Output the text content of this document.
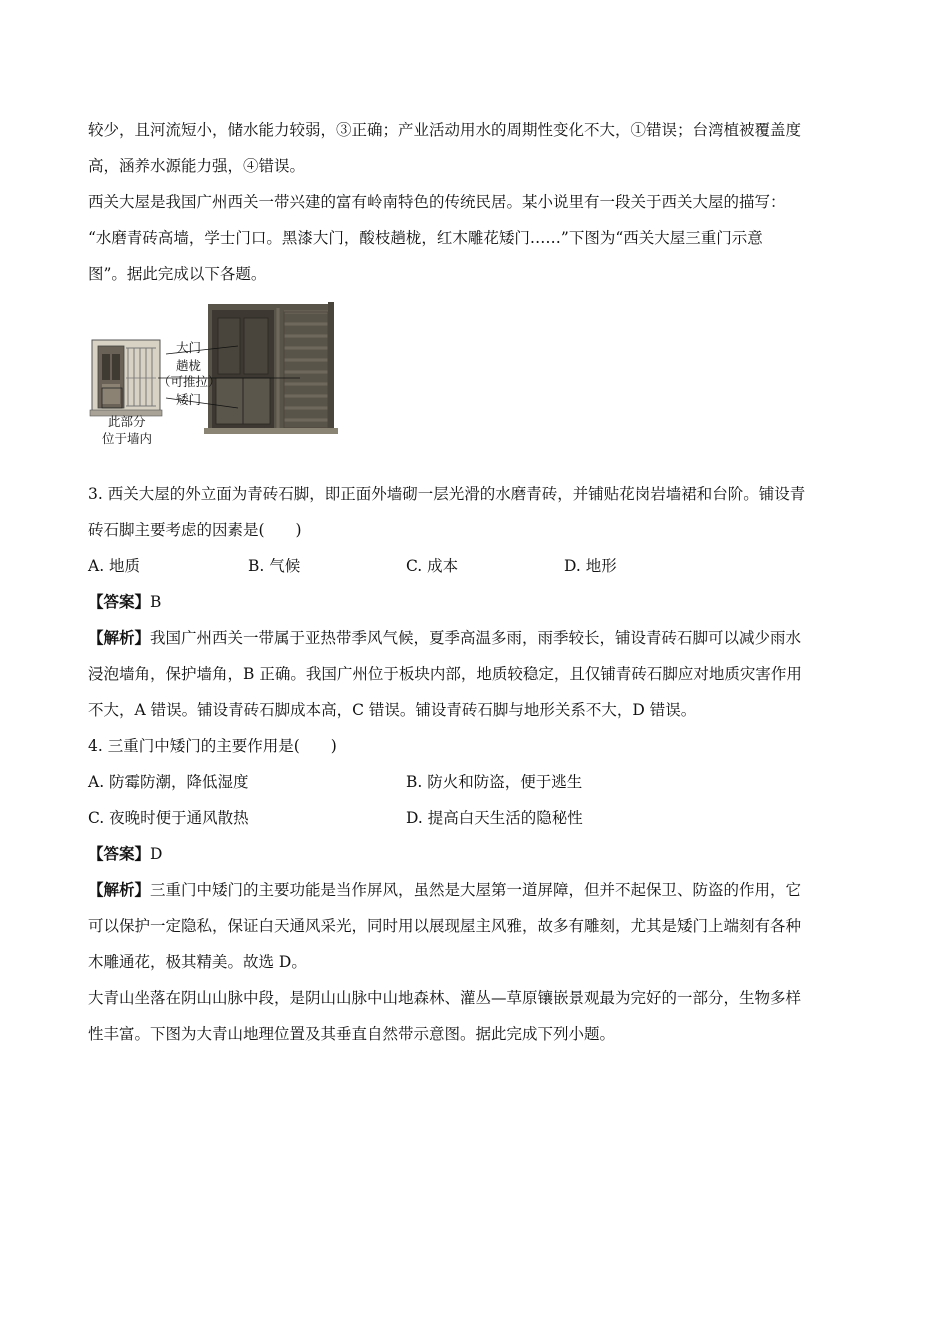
较少，且河流短小，储水能力较弱，③正确；产业活动用水的周期性变化不大，①错误；台湾植被覆盖度
高，涵养水源能力强，④错误。
西关大屋是我国广州西关一带兴建的富有岭南特色的传统民居。某小说里有一段关于西关大屋的描写：
“水磨青砖高墙，学士门口。黑漆大门，酸枝趟栊，红木雕花矮门……”下图为“西关大屋三重门示意
图”。据此完成以下各题。
大门
趟栊
（可推拉）
矮门
此部分
位于墙内
3. 西关大屋的外立面为青砖石脚，即正面外墙砌一层光滑的水磨青砖，并铺贴花岗岩墙裙和台阶。铺设青
砖石脚主要考虑的因素是(　　)
A. 地质	B. 气候	C. 成本	D. 地形
【答案】B
【解析】我国广州西关一带属于亚热带季风气候，夏季高温多雨，雨季较长，铺设青砖石脚可以减少雨水
浸泡墙角，保护墙角，B 正确。我国广州位于板块内部，地质较稳定，且仅铺青砖石脚应对地质灾害作用
不大，A 错误。铺设青砖石脚成本高，C 错误。铺设青砖石脚与地形关系不大，D 错误。
4. 三重门中矮门的主要作用是(　　)
A. 防霉防潮，降低湿度	B. 防火和防盗，便于逃生
C. 夜晚时便于通风散热	D. 提高白天生活的隐秘性
【答案】D
【解析】三重门中矮门的主要功能是当作屏风，虽然是大屋第一道屏障，但并不起保卫、防盗的作用，它
可以保护一定隐私，保证白天通风采光，同时用以展现屋主风雅，故多有雕刻，尤其是矮门上端刻有各种
木雕通花，极其精美。故选 D。
大青山坐落在阴山山脉中段，是阴山山脉中山地森林、灌丛—草原镶嵌景观最为完好的一部分，生物多样
性丰富。下图为大青山地理位置及其垂直自然带示意图。据此完成下列小题。
